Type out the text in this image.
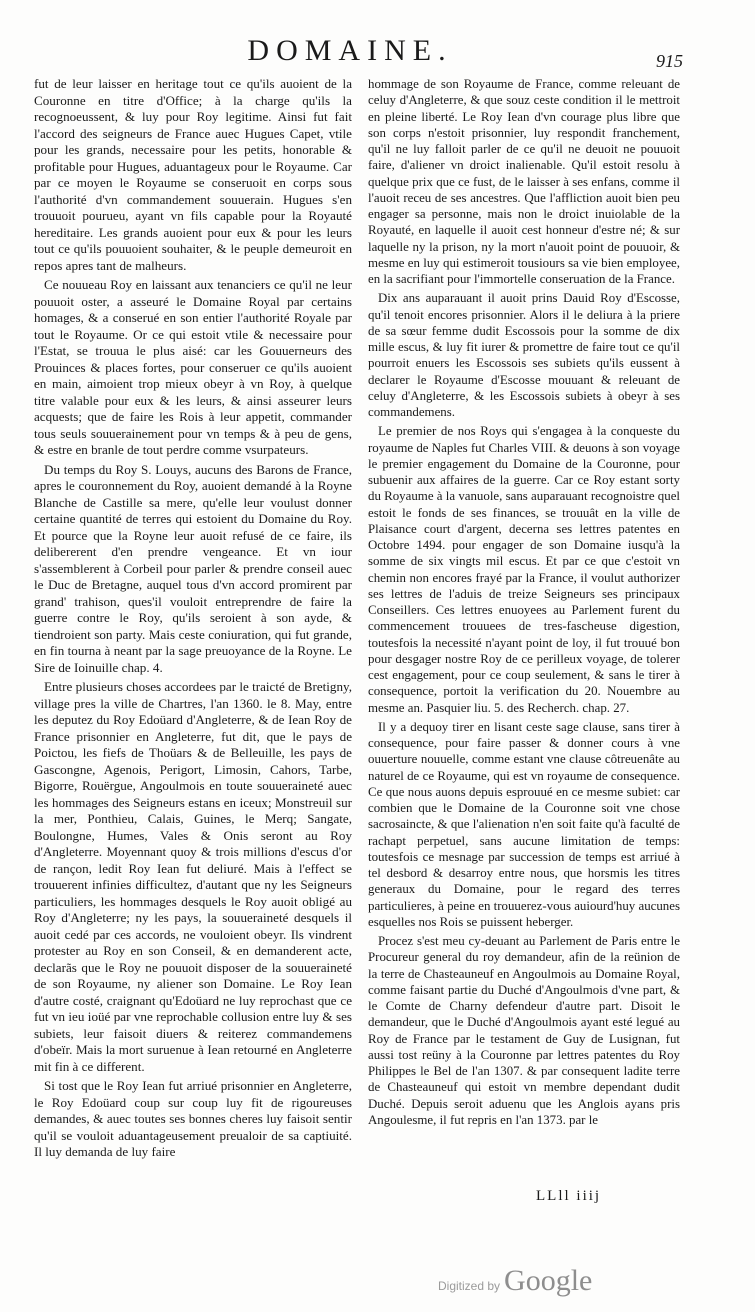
DOMAINE.	915

fut de leur laisser en heritage tout ce qu'ils auoient de la Couronne en titre d'Office; à la charge qu'ils la recognoeussent, & luy pour Roy legitime. Ainsi fut fait l'accord des seigneurs de France auec Hugues Capet, vtile pour les grands, necessaire pour les petits, honorable & profitable pour Hugues, aduantageux pour le Royaume. Car par ce moyen le Royaume se conseruoit en corps sous l'authorité d'vn commandement souuerain. Hugues s'en trouuoit pourueu, ayant vn fils capable pour la Royauté hereditaire. Les grands auoient pour eux & pour les leurs tout ce qu'ils pouuoient souhaiter, & le peuple demeuroit en repos apres tant de malheurs.

Ce nouueau Roy en laissant aux tenanciers ce qu'il ne leur pouuoit oster, a asseuré le Domaine Royal par certains homages, & a conserué en son entier l'authorité Royale par tout le Royaume. Or ce qui estoit vtile & necessaire pour l'Estat, se trouua le plus aisé: car les Gouuerneurs des Prouinces & places fortes, pour conseruer ce qu'ils auoient en main, aimoient trop mieux obeyr à vn Roy, à quelque titre valable pour eux & les leurs, & ainsi asseurer leurs acquests; que de faire les Rois à leur appetit, commander tous seuls souuerainement pour vn temps & à peu de gens, & estre en branle de tout perdre comme vsurpateurs.

Du temps du Roy S. Louys, aucuns des Barons de France, apres le couronnement du Roy, auoient demandé à la Royne Blanche de Castille sa mere, qu'elle leur voulust donner certaine quantité de terres qui estoient du Domaine du Roy. Et pource que la Royne leur auoit refusé de ce faire, ils delibererent d'en prendre vengeance. Et vn iour s'assemblerent à Corbeil pour parler & prendre conseil auec le Duc de Bretagne, auquel tous d'vn accord promirent par grand' trahison, ques'il vouloit entreprendre de faire la guerre contre le Roy, qu'ils seroient à son ayde, & tiendroient son party. Mais ceste coniuration, qui fut grande, en fin tourna à neant par la sage preuoyance de la Royne. Le Sire de Ioinuille chap. 4.

Entre plusieurs choses accordees par le traicté de Bretigny, village pres la ville de Chartres, l'an 1360. le 8. May, entre les deputez du Roy Edoüard d'Angleterre, & de Iean Roy de France prisonnier en Angleterre, fut dit, que le pays de Poictou, les fiefs de Thoüars & de Belleuille, les pays de Gascongne, Agenois, Perigort, Limosin, Cahors, Tarbe, Bigorre, Rouërgue, Angoulmois en toute souueraineté auec les hommages des Seigneurs estans en iceux; Monstreuil sur la mer, Ponthieu, Calais, Guines, le Merq; Sangate, Boulongne, Humes, Vales & Onis seront au Roy d'Angleterre. Moyennant quoy & trois millions d'escus d'or de rançon, ledit Roy Iean fut deliuré. Mais à l'effect se trouuerent infinies difficultez, d'autant que ny les Seigneurs particuliers, les hommages desquels le Roy auoit obligé au Roy d'Angleterre; ny les pays, la souueraineté desquels il auoit cedé par ces accords, ne vouloient obeyr. Ils vindrent protester au Roy en son Conseil, & en demanderent acte, declarãs que le Roy ne pouuoit disposer de la souueraineté de son Royaume, ny aliener son Domaine. Le Roy Iean d'autre costé, craignant qu'Edoüard ne luy reprochast que ce fut vn ieu ioüé par vne reprochable collusion entre luy & ses subiets, leur faisoit diuers & reiterez commandemens d'obeïr. Mais la mort suruenue à Iean retourné en Angleterre mit fin à ce different.

Si tost que le Roy Iean fut arriué prisonnier en Angleterre, le Roy Edoüard coup sur coup luy fit de rigoureuses demandes, & auec toutes ses bonnes cheres luy faisoit sentir qu'il se vouloit aduantageusement preualoir de sa captiuité. Il luy demanda de luy faire

hommage de son Royaume de France, comme releuant de celuy d'Angleterre, & que souz ceste condition il le mettroit en pleine liberté. Le Roy Iean d'vn courage plus libre que son corps n'estoit prisonnier, luy respondit franchement, qu'il ne luy falloit parler de ce qu'il ne deuoit ne pouuoit faire, d'aliener vn droict inalienable. Qu'il estoit resolu à quelque prix que ce fust, de le laisser à ses enfans, comme il l'auoit receu de ses ancestres. Que l'affliction auoit bien peu engager sa personne, mais non le droict inuiolable de la Royauté, en laquelle il auoit cest honneur d'estre né; & sur laquelle ny la prison, ny la mort n'auoit point de pouuoir, & mesme en luy qui estimeroit tousiours sa vie bien employee, en la sacrifiant pour l'immortelle conseruation de la France.

Dix ans auparauant il auoit prins Dauid Roy d'Escosse, qu'il tenoit encores prisonnier. Alors il le deliura à la priere de sa sœur femme dudit Escossois pour la somme de dix mille escus, & luy fit iurer & promettre de faire tout ce qu'il pourroit enuers les Escossois ses subiets qu'ils eussent à declarer le Royaume d'Escosse mouuant & releuant de celuy d'Angleterre, & les Escossois subiets à obeyr à ses commandemens.

Le premier de nos Roys qui s'engagea à la conqueste du royaume de Naples fut Charles VIII. & deuons à son voyage le premier engagement du Domaine de la Couronne, pour subuenir aux affaires de la guerre. Car ce Roy estant sorty du Royaume à la vanuole, sans auparauant recognoistre quel estoit le fonds de ses finances, se trouuât en la ville de Plaisance court d'argent, decerna ses lettres patentes en Octobre 1494. pour engager de son Domaine iusqu'à la somme de six vingts mil escus. Et par ce que c'estoit vn chemin non encores frayé par la France, il voulut authorizer ses lettres de l'aduis de treize Seigneurs ses principaux Conseillers. Ces lettres enuoyees au Parlement furent du commencement trouuees de tres-fascheuse digestion, toutesfois la necessité n'ayant point de loy, il fut trouué bon pour desgager nostre Roy de ce perilleux voyage, de tolerer cest engagement, pour ce coup seulement, & sans le tirer à consequence, portoit la verification du 20. Nouembre au mesme an. Pasquier liu. 5. des Recherch. chap. 27.

Il y a dequoy tirer en lisant ceste sage clause, sans tirer à consequence, pour faire passer & donner cours à vne ouuerture nouuelle, comme estant vne clause côtreuenâte au naturel de ce Royaume, qui est vn royaume de consequence. Ce que nous auons depuis esprouué en ce mesme subiet: car combien que le Domaine de la Couronne soit vne chose sacrosaincte, & que l'alienation n'en soit faite qu'à faculté de rachapt perpetuel, sans aucune limitation de temps: toutesfois ce mesnage par succession de temps est arriué à tel desbord & desarroy entre nous, que horsmis les titres generaux du Domaine, pour le regard des terres particulieres, à peine en trouuerez-vous auiourd'huy aucunes esquelles nos Rois se puissent heberger.

Procez s'est meu cy-deuant au Parlement de Paris entre le Procureur general du roy demandeur, afin de la reünion de la terre de Chasteauneuf en Angoulmois au Domaine Royal, comme faisant partie du Duché d'Angoulmois d'vne part, & le Comte de Charny defendeur d'autre part. Disoit le demandeur, que le Duché d'Angoulmois ayant esté legué au Roy de France par le testament de Guy de Lusignan, fut aussi tost reüny à la Couronne par lettres patentes du Roy Philippes le Bel de l'an 1307. & par consequent ladite terre de Chasteauneuf qui estoit vn membre dependant dudit Duché. Depuis seroit aduenu que les Anglois ayans pris Angoulesme, il fut repris en l'an 1373. par le

LLll iiij
Digitized by Google
